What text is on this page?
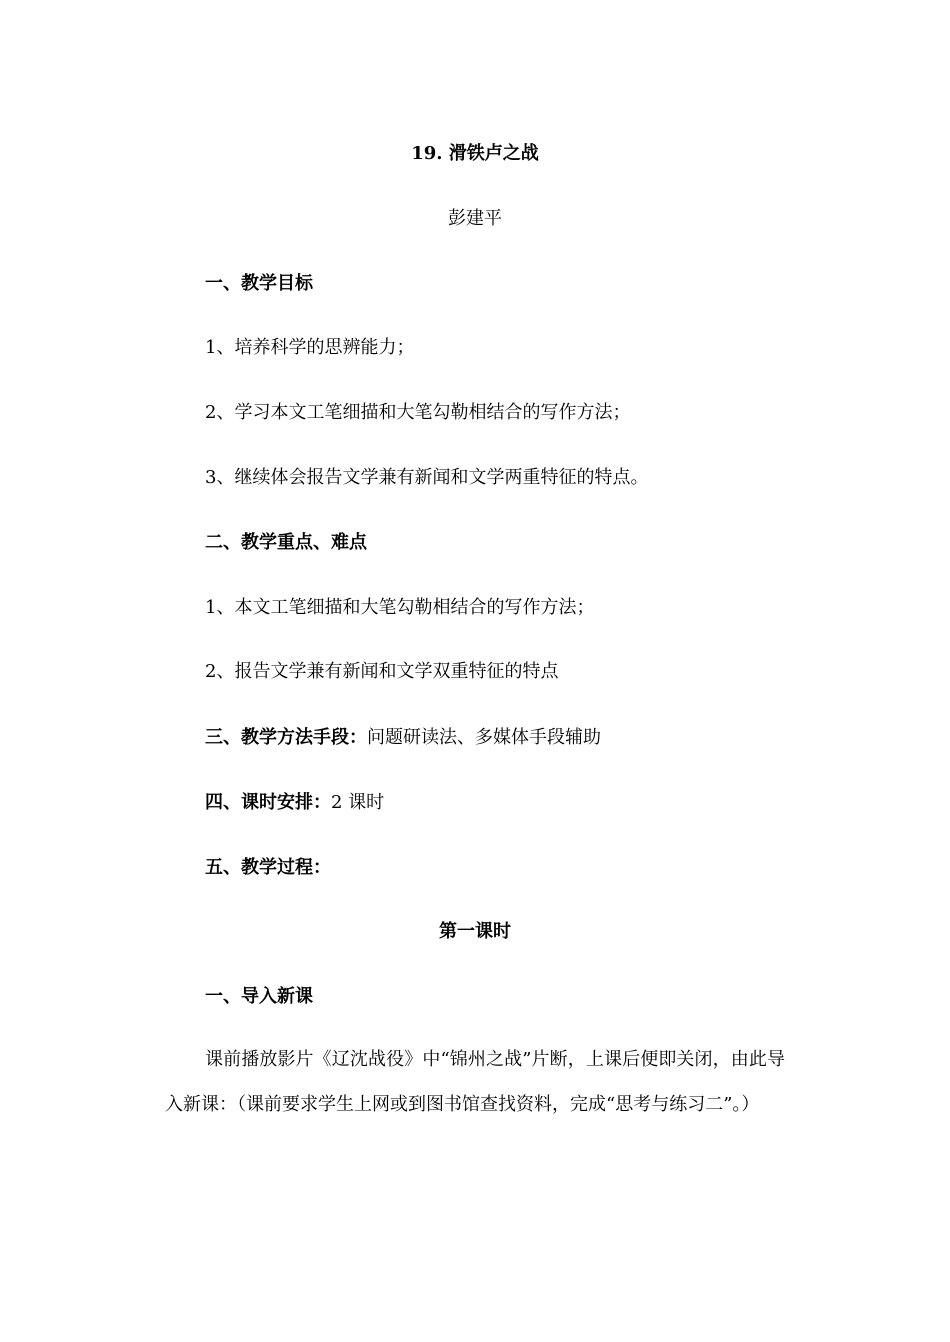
19. 滑铁卢之战
彭建平
一、教学目标
1、培养科学的思辨能力；
2、学习本文工笔细描和大笔勾勒相结合的写作方法；
3、继续体会报告文学兼有新闻和文学两重特征的特点。
二、教学重点、难点
1、本文工笔细描和大笔勾勒相结合的写作方法；
2、报告文学兼有新闻和文学双重特征的特点
三、教学方法手段：问题研读法、多媒体手段辅助
四、课时安排：2 课时
五、教学过程：
第一课时
一、导入新课
课前播放影片《辽沈战役》中“锦州之战”片断，上课后便即关闭，由此导入新课：（课前要求学生上网或到图书馆查找资料，完成“思考与练习二”。）
